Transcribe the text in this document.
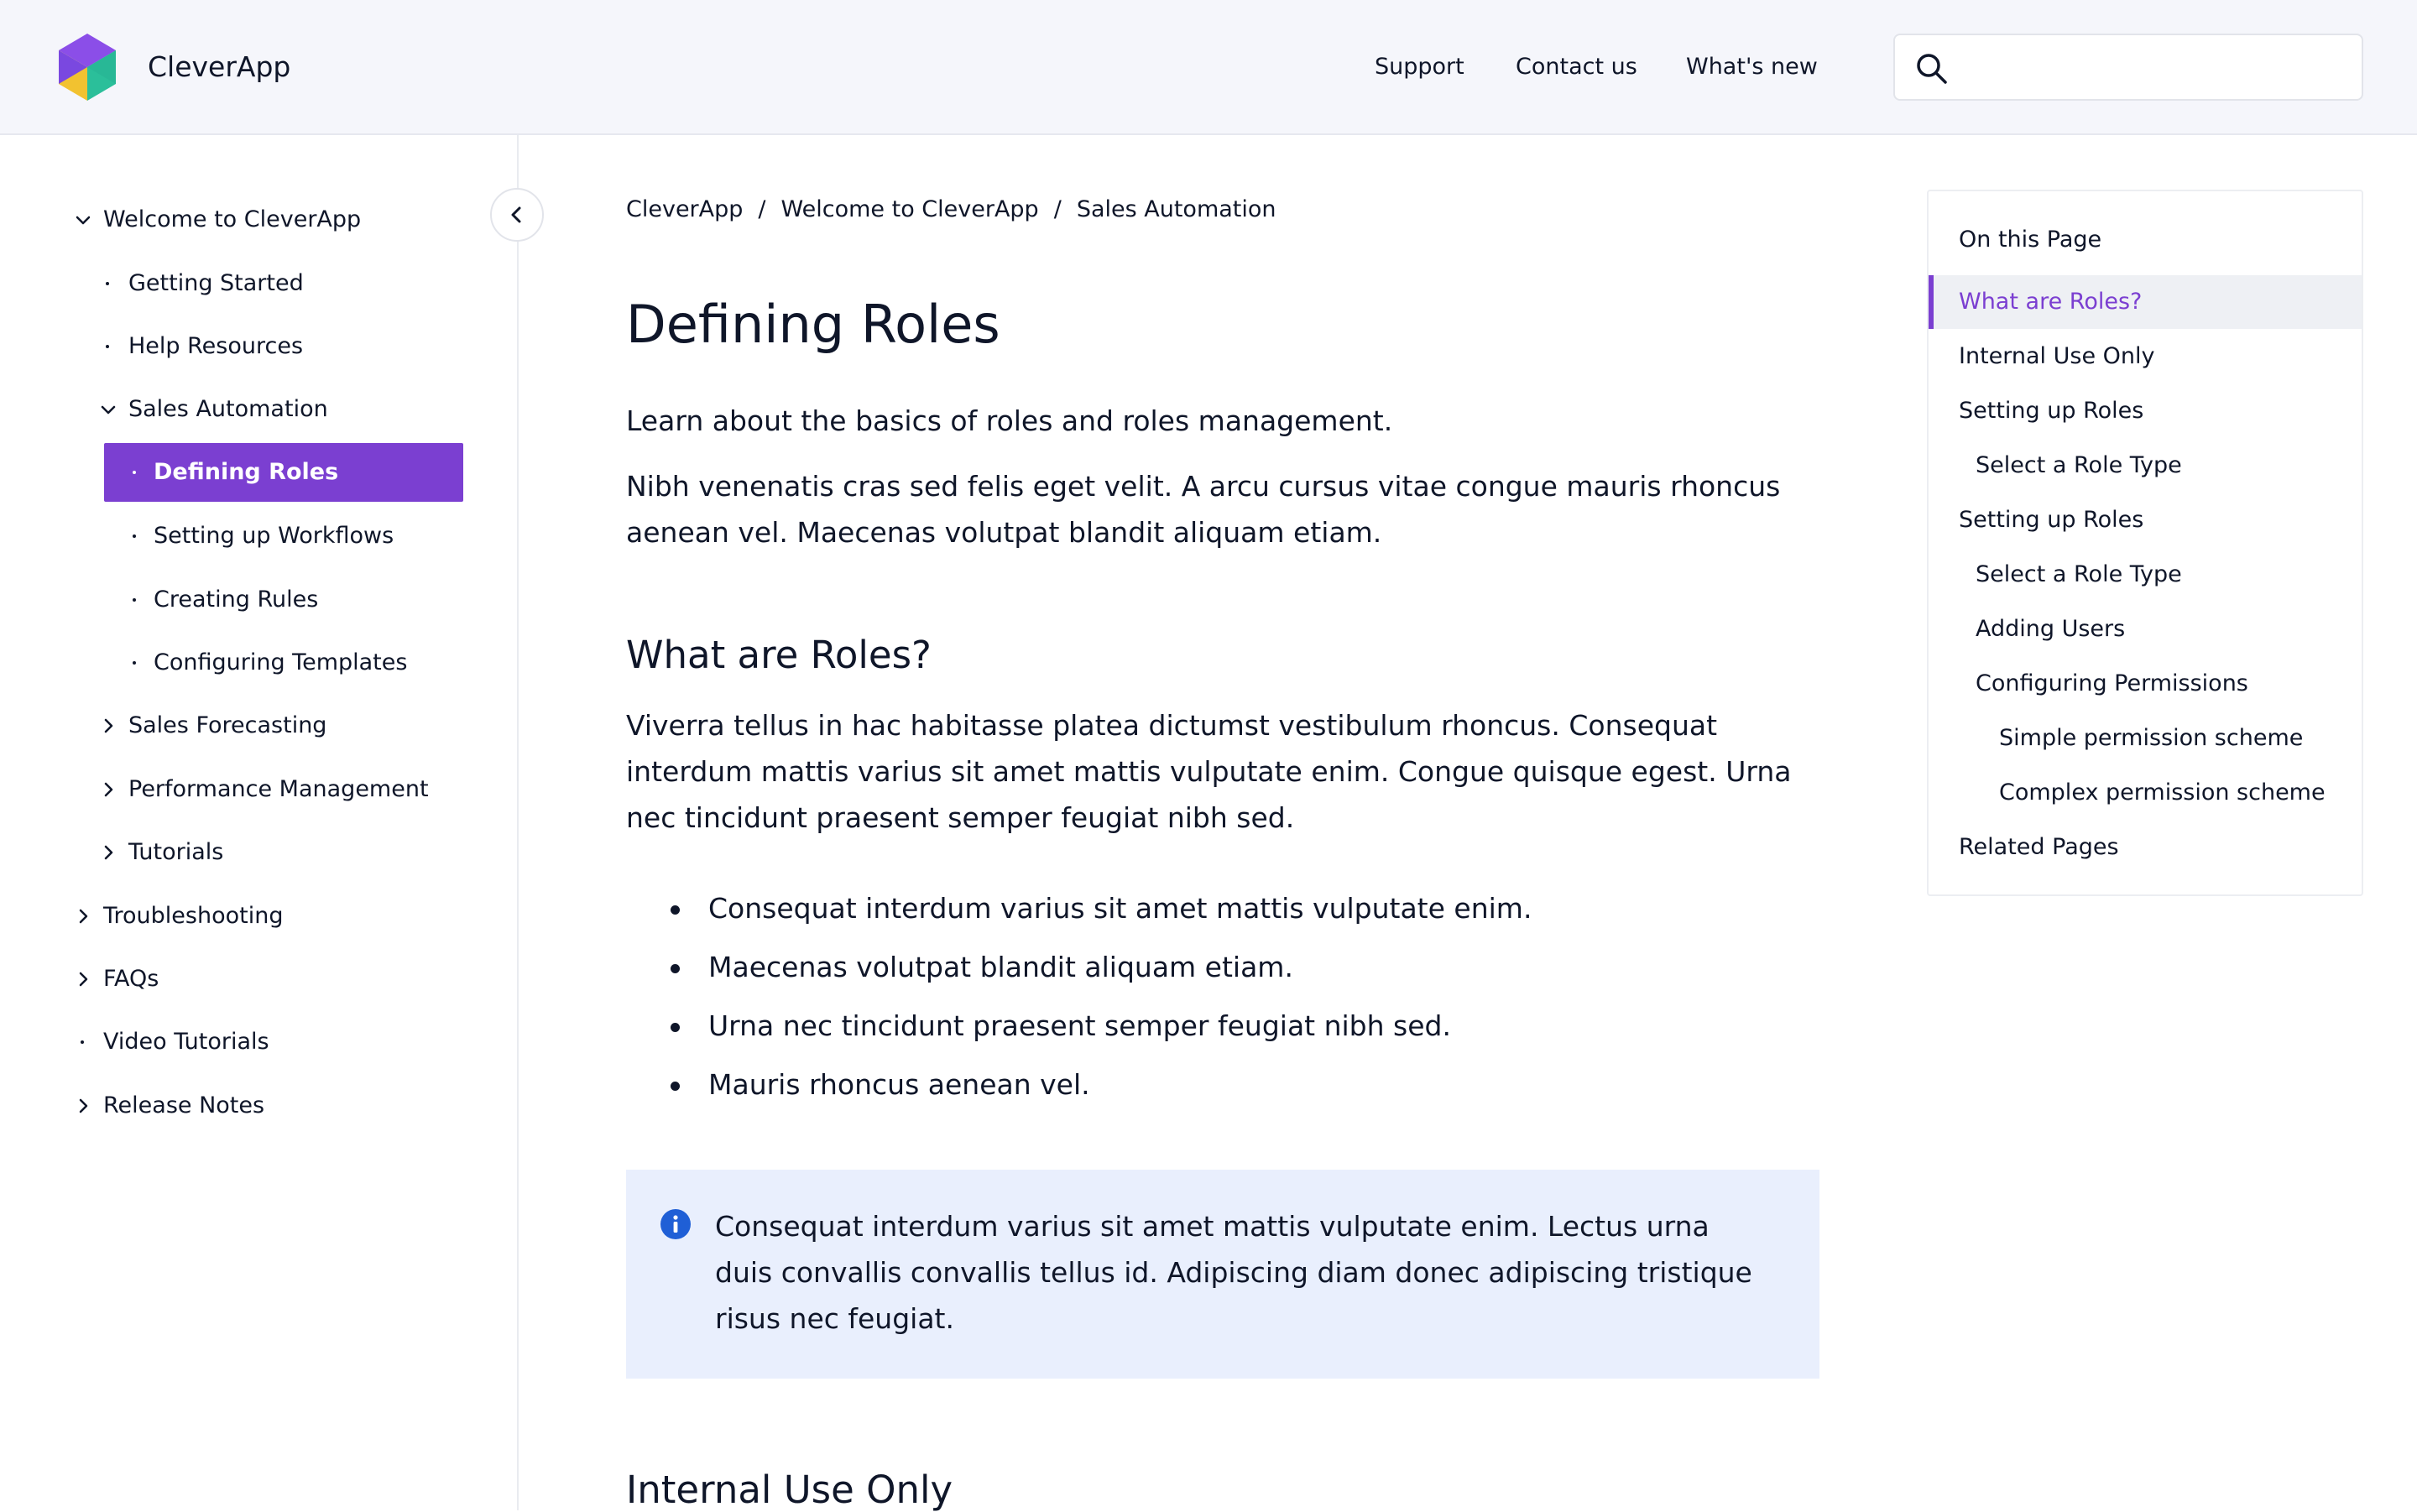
CleverApp	Support Contact us What's new
Welcome to CleverApp
Getting Started
Help Resources
Sales Automation
Defining Roles
Setting up Workflows
Creating Rules
Configuring Templates
Sales Forecasting
Performance Management
Tutorials
Troubleshooting
FAQs
Video Tutorials
Release Notes
CleverApp / Welcome to CleverApp / Sales Automation
Defining Roles

Learn about the basics of roles and roles management.

Nibh venenatis cras sed felis eget velit. A arcu cursus vitae congue mauris rhoncus aenean vel. Maecenas volutpat blandit aliquam etiam.

What are Roles?

Viverra tellus in hac habitasse platea dictumst vestibulum rhoncus. Consequat interdum mattis varius sit amet mattis vulputate enim. Congue quisque egest. Urna nec tincidunt praesent semper feugiat nibh sed.

Consequat interdum varius sit amet mattis vulputate enim.
Maecenas volutpat blandit aliquam etiam.
Urna nec tincidunt praesent semper feugiat nibh sed.
Mauris rhoncus aenean vel.

Consequat interdum varius sit amet mattis vulputate enim. Lectus urna duis convallis convallis tellus id. Adipiscing diam donec adipiscing tristique risus nec feugiat.

Internal Use Only
On this Page
What are Roles?
Internal Use Only
Setting up Roles
Select a Role Type
Setting up Roles
Select a Role Type
Adding Users
Configuring Permissions
Simple permission scheme
Complex permission scheme
Related Pages
